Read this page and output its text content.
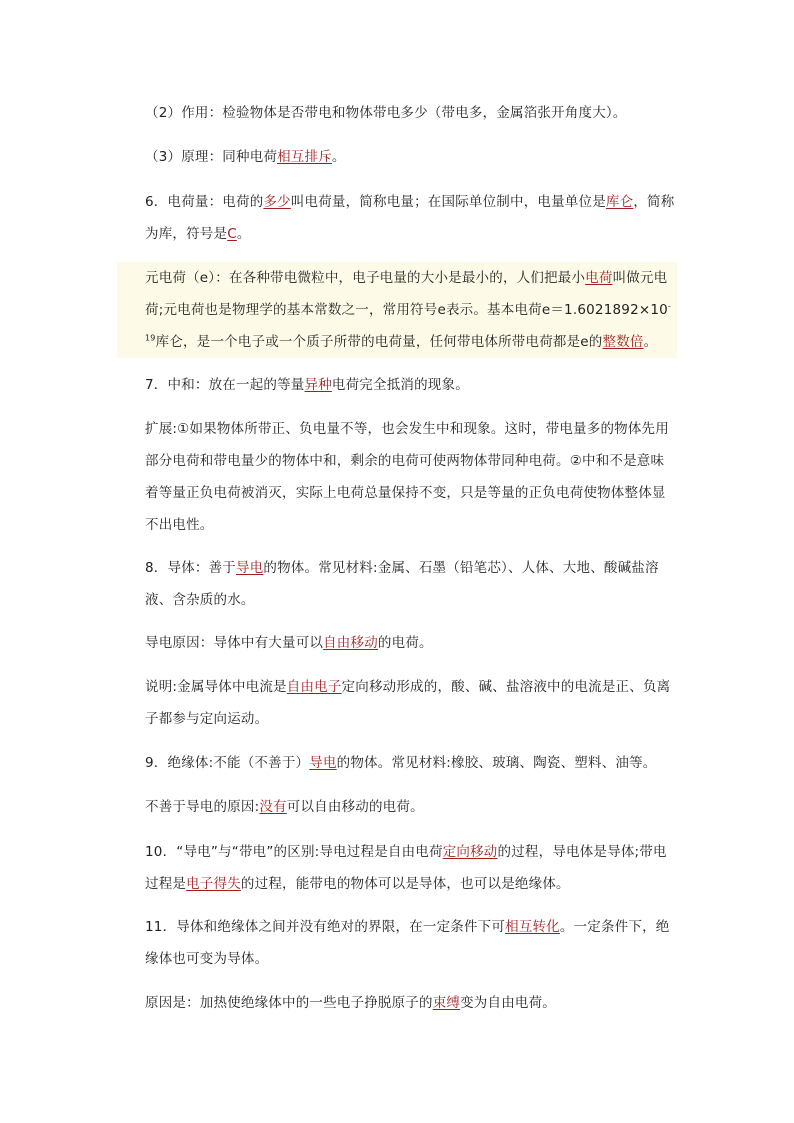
（2）作用：检验物体是否带电和物体带电多少（带电多，金属箔张开角度大）。
（3）原理：同种电荷相互排斥。
6．电荷量：电荷的多少叫电荷量，简称电量；在国际单位制中，电量单位是库仑，简称为库，符号是C。
元电荷（e）：在各种带电微粒中，电子电量的大小是最小的，人们把最小电荷叫做元电荷;元电荷也是物理学的基本常数之一，常用符号e表示。基本电荷$e=1.6021892\times 10^{-19}$库仑，是一个电子或一个质子所带的电荷量，任何带电体所带电荷都是e的整数倍。
7．中和：放在一起的等量异种电荷完全抵消的现象。
扩展:①如果物体所带正、负电量不等，也会发生中和现象。这时，带电量多的物体先用部分电荷和带电量少的物体中和，剩余的电荷可使两物体带同种电荷。②中和不是意味着等量正负电荷被消灭，实际上电荷总量保持不变，只是等量的正负电荷使物体整体显不出电性。
8．导体：善于导电的物体。常见材料:金属、石墨（铅笔芯）、人体、大地、酸碱盐溶液、含杂质的水。
导电原因：导体中有大量可以自由移动的电荷。
说明:金属导体中电流是自由电子定向移动形成的，酸、碱、盐溶液中的电流是正、负离子都参与定向运动。
9．绝缘体:不能（不善于）导电的物体。常见材料:橡胶、玻璃、陶瓷、塑料、油等。
不善于导电的原因:没有可以自由移动的电荷。
10．“导电”与“带电”的区别:导电过程是自由电荷定向移动的过程，导电体是导体;带电过程是电子得失的过程，能带电的物体可以是导体，也可以是绝缘体。
11．导体和绝缘体之间并没有绝对的界限，在一定条件下可相互转化。一定条件下，绝缘体也可变为导体。
原因是：加热使绝缘体中的一些电子挣脱原子的束缚变为自由电荷。
